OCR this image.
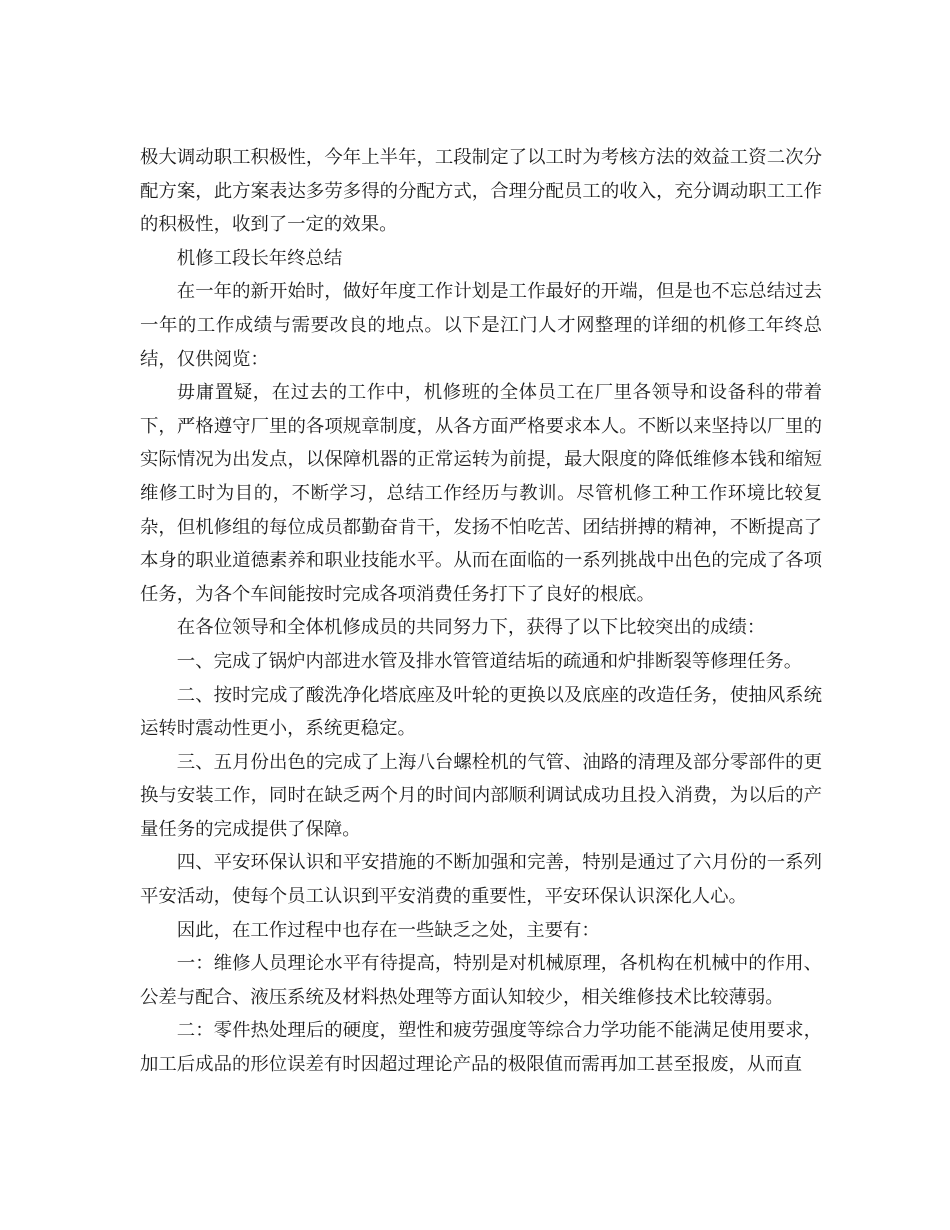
极大调动职工积极性，今年上半年，工段制定了以工时为考核方法的效益工资二次分配方案，此方案表达多劳多得的分配方式，合理分配员工的收入，充分调动职工工作的积极性，收到了一定的效果。

机修工段长年终总结

在一年的新开始时，做好年度工作计划是工作最好的开端，但是也不忘总结过去一年的工作成绩与需要改良的地点。以下是江门人才网整理的详细的机修工年终总结，仅供阅览：

毋庸置疑，在过去的工作中，机修班的全体员工在厂里各领导和设备科的带着下，严格遵守厂里的各项规章制度，从各方面严格要求本人。不断以来坚持以厂里的实际情况为出发点，以保障机器的正常运转为前提，最大限度的降低维修本钱和缩短维修工时为目的，不断学习，总结工作经历与教训。尽管机修工种工作环境比较复杂，但机修组的每位成员都勤奋肯干，发扬不怕吃苦、团结拼搏的精神，不断提高了本身的职业道德素养和职业技能水平。从而在面临的一系列挑战中出色的完成了各项任务，为各个车间能按时完成各项消费任务打下了良好的根底。

在各位领导和全体机修成员的共同努力下，获得了以下比较突出的成绩：

一、完成了锅炉内部进水管及排水管管道结垢的疏通和炉排断裂等修理任务。

二、按时完成了酸洗净化塔底座及叶轮的更换以及底座的改造任务，使抽风系统运转时震动性更小，系统更稳定。

三、五月份出色的完成了上海八台螺栓机的气管、油路的清理及部分零部件的更换与安装工作，同时在缺乏两个月的时间内部顺利调试成功且投入消费，为以后的产量任务的完成提供了保障。

四、平安环保认识和平安措施的不断加强和完善，特别是通过了六月份的一系列平安活动，使每个员工认识到平安消费的重要性，平安环保认识深化人心。

因此，在工作过程中也存在一些缺乏之处，主要有：

一：维修人员理论水平有待提高，特别是对机械原理，各机构在机械中的作用、公差与配合、液压系统及材料热处理等方面认知较少，相关维修技术比较薄弱。

二：零件热处理后的硬度，塑性和疲劳强度等综合力学功能不能满足使用要求，加工后成品的形位误差有时因超过理论产品的极限值而需再加工甚至报废，从而直
